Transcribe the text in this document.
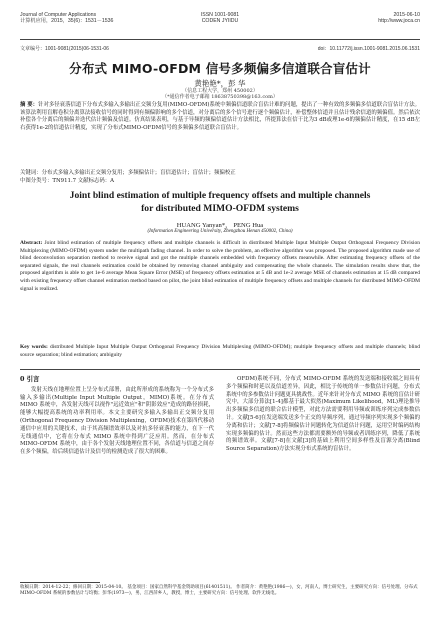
Journal of Computer Applications
计算机应用，2015，35(6)：1531－1536
ISSN 1001-9081
CODEN JYIIDU
2015-06-10
http://www.joca.cn
文章编号：1001-9081(2015)06-1531-06	doi：10.11772/j.issn.1001-9081.2015.06.1531
分布式 MIMO-OFDM 信号多频偏多信道联合盲估计
黄艳艳*，彭 华
（信息工程大学，郑州 450002）
（*通信作者电子邮箱 18638750398@163.com）
摘 要：针对多径衰落信道下分布式多输入多输出正交频分复用(MIMO-OFDM)系统中频偏信道联合盲估计难的问题，提出了一种有效的多频偏多信道联合盲估计方法。该算法利用盲解卷积分离算法接收信号的同时得到有频偏影响的多个信道，对分离后的多个信号进行逐个频偏估计，补偿整体信道并且估计残余信道的频偏值。然后依次补偿各个分离后的频偏并迭代估计频偏及信道。仿真结果表明，与基于导频的频偏信道估计方法相比，所提算法在信干比为3 dB或理1e-6的频偏估计精度，在15 dB左右获得1e-2的信道估计精度，实现了分布式MIMO-OFDM信号的多频偏多信道联合盲估计。
关键词：分布式多输入多输出正交频分复用；多频偏估计；盲信道估计；盲估计；频偏校正
中图分类号：TN911.7 文献标志码：A
Joint blind estimation of multiple frequency offsets and multiple channels
for distributed MIMO-OFDM systems
HUANG Yanyan*， PENG Hua
(Information Engineering University, Zhengzhou Henan 450002, China)
Abstract: Joint blind estimation of multiple frequency offsets and multiple channels is difficult in distributed Multiple Input Multiple Output Orthogonal Frequency Division Multiplexing (MIMO-OFDM) system under the multipath fading channel. In order to solve the problem, an effective algorithm was proposed. The proposed algorithm made use of blind deconvolution separation method to receive signal and got the multiple channels embedded with frequency offsets meanwhile. After estimating frequency offsets of the separated signals, the real channels estimation could be obtained by removing channel ambiguity and compensating the whole channels. The simulation results show that, the proposed algorithm is able to get 1e-6 average Mean Square Error (MSE) of frequency offsets estimation at 5 dB and 1e-2 average MSE of channels estimation at 15 dB compared with existing frequency offset channel estimation method based on pilot, the joint blind estimation of multiple frequency offsets and multiple channels for distributed MIMO-OFDM signal is realized.
Key words: distributed Multiple Input Multiple Output Orthogonal Frequency Division Multiplexing (MIMO-OFDM); multiple frequency offsets and multiple channels; blind source separation; blind estimation; ambiguity
0 引言

发射天线在地理位置上呈分布式部署，由此所形成的系统称为一个分布式多输入多输出(Multiple Input Multiple Output，MIMO)系统。在分布式 MIMO 系统中，各发射天线可以视作"远近效应"和"阴影效应"造成的路径损耗，能够大幅提高系统的功率利用率。本文主要研究多输入多输出正交频分复用(Orthogonal Frequency Division Multiplexing，OFDM)技术在第四代移动通信中应用的关键技术，由于其高频谱效率以及对抗多径衰落的能力，在下一代无线通信中，它将在分布式 MIMO 系统中得到广泛应用。然而，在分布式 MIMO-OFDM 系统中，由于各个发射天线地理位置不同，各信道与信道之间存在多个频偏，给后续信道估计及信号的检测造成了很大的困难。

OFDM)系统不同，分布式 MIMO-OFDM 系统的发送端和接收端之间具有多个频偏和时延以及信道差异，因此，相比于传统的单一参数估计问题，分布式系统中的多参数估计问题更具挑战性。近年来针对分布式 MIMO 系统的盲估计研究中，大部分算法[1-4]都基于最大似然(Maximum Likelihood，ML)理论推导出多频偏多信道的联合估计模型，对此方法需要利用导频或训练序列完成参数估计。文献[5-6]在发送端发送多个正交的导频序列，通过导频序列实现多个频偏的分离和估计；文献[7-8]将频偏估计问题转化为信道估计问题，运用空时编码结构实现多频偏的估计。然而这些方法都需要额外的导频或者训练序列，降低了系统的频谱效率。文献[7-8]在文献[3]的基础上利用空间多样性及盲源分离(Blind Source Separation)方法实现分布式系统的盲估计。

收稿日期：2014-12-22；修回日期：2015-04-10。 基金项目：国家自然科学基金资助项目(61401511)。 作者简介：黄艳艳(1986—)，女，河南人，博士研究生，主要研究方向：信号处理、分布式 MIMO-OFDM 系统的参数估计与均衡；彭华(1973—)，男，江西萍乡人，教授，博士，主要研究方向：信号处理、软件无线电。
